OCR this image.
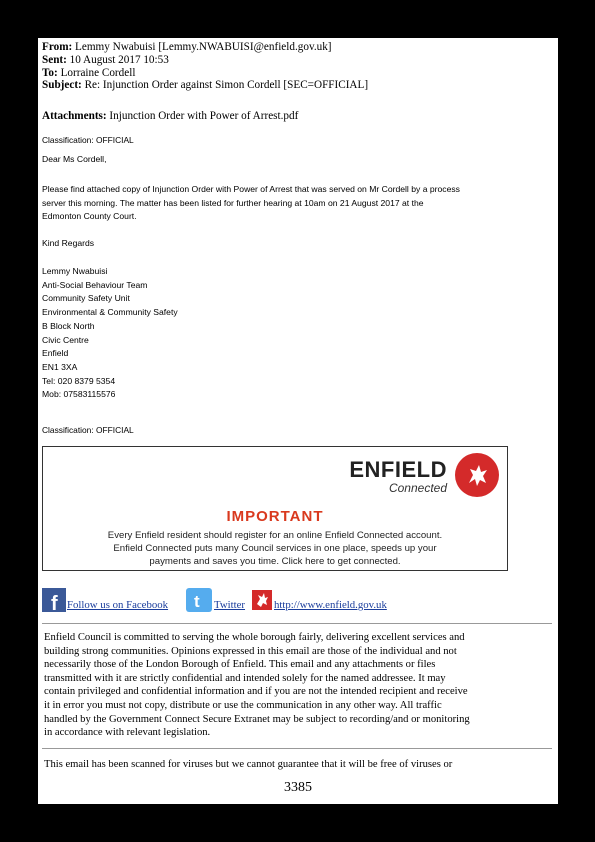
From: Lemmy Nwabuisi [Lemmy.NWABUISI@enfield.gov.uk]
Sent: 10 August 2017 10:53
To: Lorraine Cordell
Subject: Re: Injunction Order against Simon Cordell [SEC=OFFICIAL]
Attachments: Injunction Order with Power of Arrest.pdf
Classification: OFFICIAL
Dear Ms Cordell,
Please find attached copy of Injunction Order with Power of Arrest that was served on Mr Cordell by a process
server this morning. The matter has been listed for further hearing at 10am on 21 August 2017 at the
Edmonton County Court.
Kind Regards
Lemmy Nwabuisi
Anti-Social Behaviour Team
Community Safety Unit
Environmental & Community Safety
B Block North
Civic Centre
Enfield
EN1 3XA
Tel: 020 8379 5354
Mob: 07583115576
Classification: OFFICIAL
ENFIELD
Connected
IMPORTANT
Every Enfield resident should register for an online Enfield Connected account.
Enfield Connected puts many Council services in one place, speeds up your
payments and saves you time. Click here to get connected.
f Follow us on Facebook t Twitter	http://www.enfield.gov.uk
Enfield Council is committed to serving the whole borough fairly, delivering excellent services and
building strong communities. Opinions expressed in this email are those of the individual and not
necessarily those of the London Borough of Enfield. This email and any attachments or files
transmitted with it are strictly confidential and intended solely for the named addressee. It may
contain privileged and confidential information and if you are not the intended recipient and receive
it in error you must not copy, distribute or use the communication in any other way. All traffic
handled by the Government Connect Secure Extranet may be subject to recording/and or monitoring
in accordance with relevant legislation.
This email has been scanned for viruses but we cannot guarantee that it will be free of viruses or
3385
